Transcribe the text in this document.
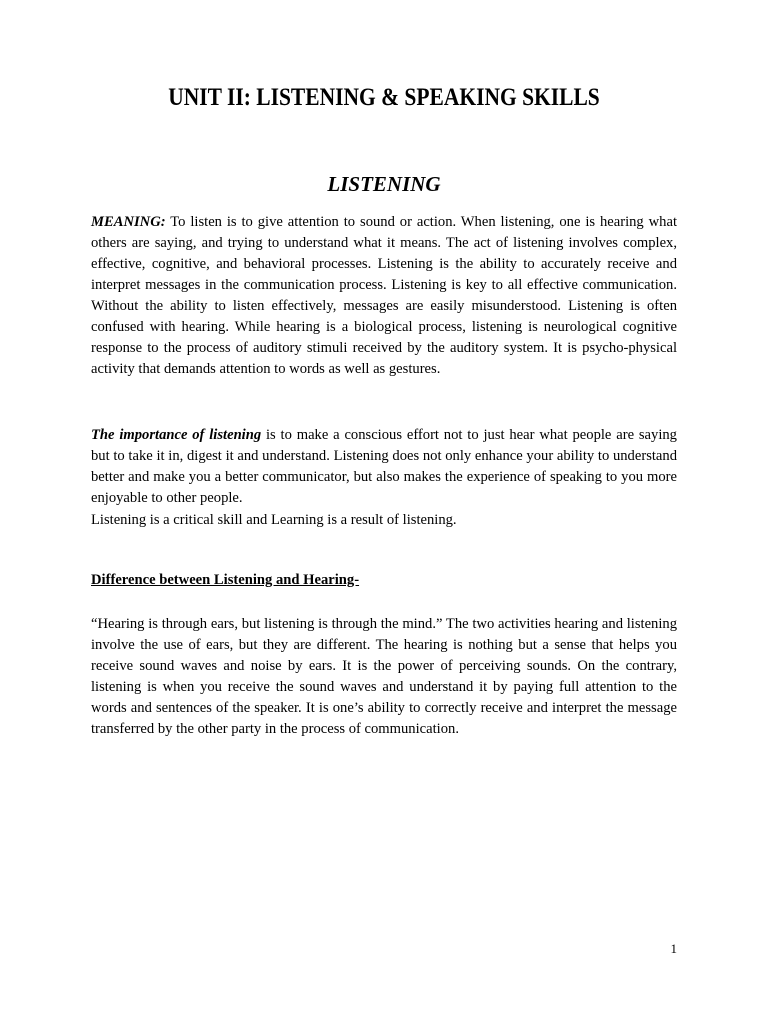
UNIT II: LISTENING & SPEAKING SKILLS
LISTENING

MEANING: To listen is to give attention to sound or action. When listening, one is hearing what others are saying, and trying to understand what it means. The act of listening involves complex, effective, cognitive, and behavioral processes. Listening is the ability to accurately receive and interpret messages in the communication process. Listening is key to all effective communication. Without the ability to listen effectively, messages are easily misunderstood. Listening is often confused with hearing. While hearing is a biological process, listening is neurological cognitive response to the process of auditory stimuli received by the auditory system. It is psycho-physical activity that demands attention to words as well as gestures.

The importance of listening is to make a conscious effort not to just hear what people are saying but to take it in, digest it and understand. Listening does not only enhance your ability to understand better and make you a better communicator, but also makes the experience of speaking to you more enjoyable to other people.

Listening is a critical skill and Learning is a result of listening.

Difference between Listening and Hearing-

“Hearing is through ears, but listening is through the mind.” The two activities hearing and listening involve the use of ears, but they are different. The hearing is nothing but a sense that helps you receive sound waves and noise by ears. It is the power of perceiving sounds. On the contrary, listening is when you receive the sound waves and understand it by paying full attention to the words and sentences of the speaker. It is one’s ability to correctly receive and interpret the message transferred by the other party in the process of communication.

1
